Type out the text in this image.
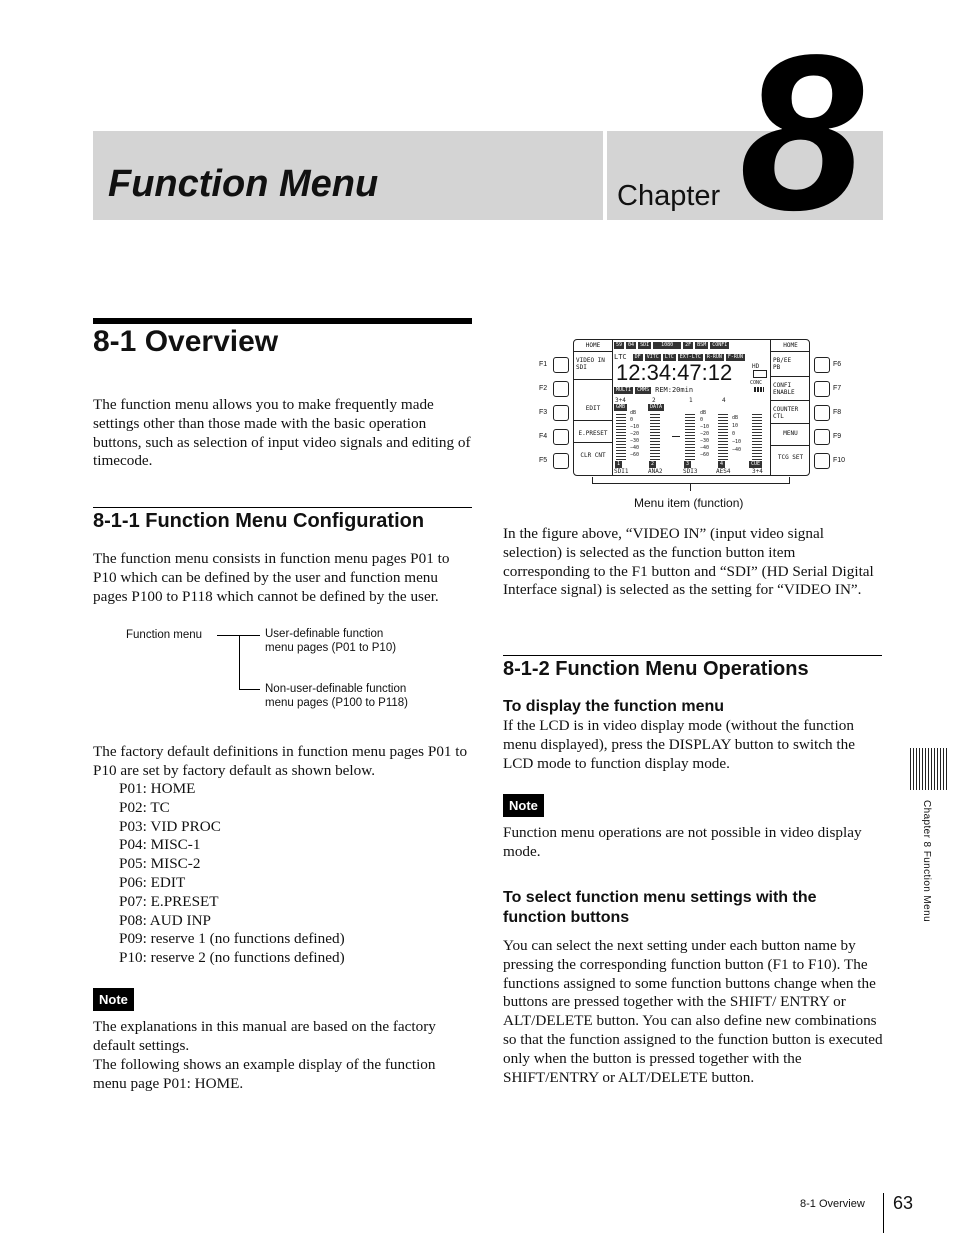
Function Menu	Chapter 8
8-1 Overview
The function menu allows you to make frequently made settings other than those made with the basic operation buttons, such as selection of input video signals and editing of timecode.
8-1-1 Function Menu Configuration
The function menu consists in function menu pages P01 to P10 which can be defined by the user and function menu pages P100 to P118 which cannot be defined by the user.
Function menu	User-definable function
menu pages (P01 to P10)
Non-user-definable function
menu pages (P100 to P118)
The factory default definitions in function menu pages P01 to P10 are set by factory default as shown below.
P01: HOME
P02: TC
P03: VID PROC
P04: MISC-1
P05: MISC-2
P06: EDIT
P07: E.PRESET
P08: AUD INP
P09: reserve 1 (no functions defined)
P10: reserve 2 (no functions defined)
Note
The explanations in this manual are based on the factory default settings.
The following shows an example display of the function menu page P01: HOME.
F1
F2
F3
F4
F5
F6
F7
F8
F9
F10
HOME
VIDEO IN
SDI
EDIT
E.PRESET
CLR CNT
HOME
PB/EE
PB
CONFI
ENABLE
COUNTER
CTL
MENU
TCG SET
59	04	SDI	1080	2F	BSM	CONFI
LTC	DF	VITC	LTC	EXT-LTC	R-RUN	F-RUN
12:34:47:12	HD
CONC
MULTI	CMMS REM:20min
3+4	2	1	4
GMB	DATA
dB
0
−10
−20
−30
−40
−60
dB
0
−10
−20
−30
−40
−60
dB
10
0
−10
−40
1	2	3	4	CUE
SDI1	ANA2	SDI3	AES4	3+4
Menu item (function)
In the figure above, “VIDEO IN” (input video signal selection) is selected as the function button item corresponding to the F1 button and “SDI” (HD Serial Digital Interface signal) is selected as the setting for “VIDEO IN”.
8-1-2 Function Menu Operations
To display the function menu
If the LCD is in video display mode (without the function menu displayed), press the DISPLAY button to switch the LCD mode to function display mode.
Note
Function menu operations are not possible in video display mode.
To select function menu settings with the function buttons
You can select the next setting under each button name by pressing the corresponding function button (F1 to F10). The functions assigned to some function buttons change when the buttons are pressed together with the SHIFT/ ENTRY or ALT/DELETE button. You can also define new combinations so that the function assigned to the function button is executed only when the button is pressed together with the SHIFT/ENTRY or ALT/DELETE button.
Chapter 8 Function Menu
8-1 Overview 63
